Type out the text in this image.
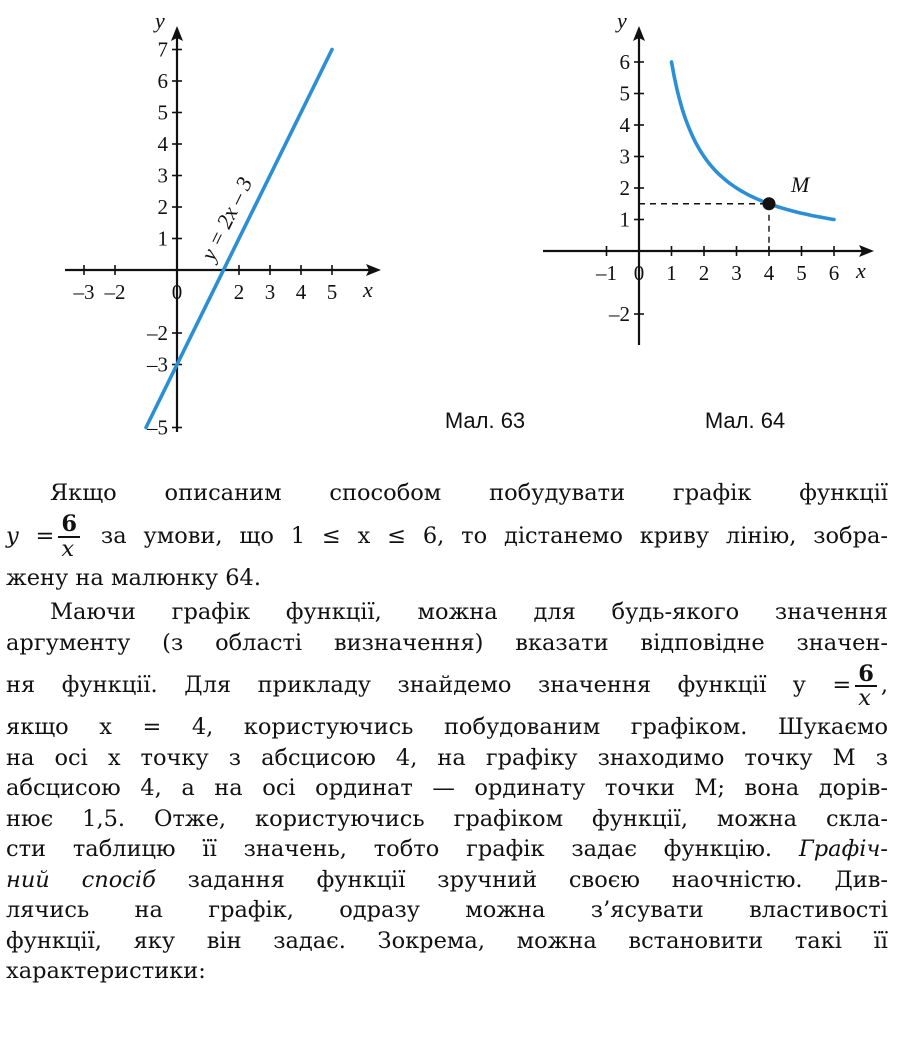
x
y
–3 –2 0 2 3 4 5
7
6
5
4
3
2
1
–2
–3
–5
y = 2x – 3
Мал. 63
x
y
–1 0 1 2 3 4 5 6
6
5
4
3
2
1
–2
M
Мал. 64

Якщо описаним способом побудувати графік функції

$y = \frac{6}{x}$ за умови, що 1 ≤ x ≤ 6, то дістанемо криву лінію, зобра-

жену на малюнку 64.

Маючи графік функції, можна для будь-якого значення

аргументу (з області визначення) вказати відповідне значен-

ня функції. Для прикладу знайдемо значення функції $y = \frac{6}{x}$ ,

якщо x = 4, користуючись побудованим графіком. Шукаємо

на осі x точку з абсцисою 4, на графіку знаходимо точку M з

абсцисою 4, а на осі ординат — ординату точки M; вона дорів-

нює 1,5. Отже, користуючись графіком функції, можна скла-

сти таблицю її значень, тобто графік задає функцію. Графіч-

ний спосіб задання функції зручний своєю наочністю. Див-

лячись на графік, одразу можна з’ясувати властивості

функції, яку він задає. Зокрема, можна встановити такі її

характеристики:
